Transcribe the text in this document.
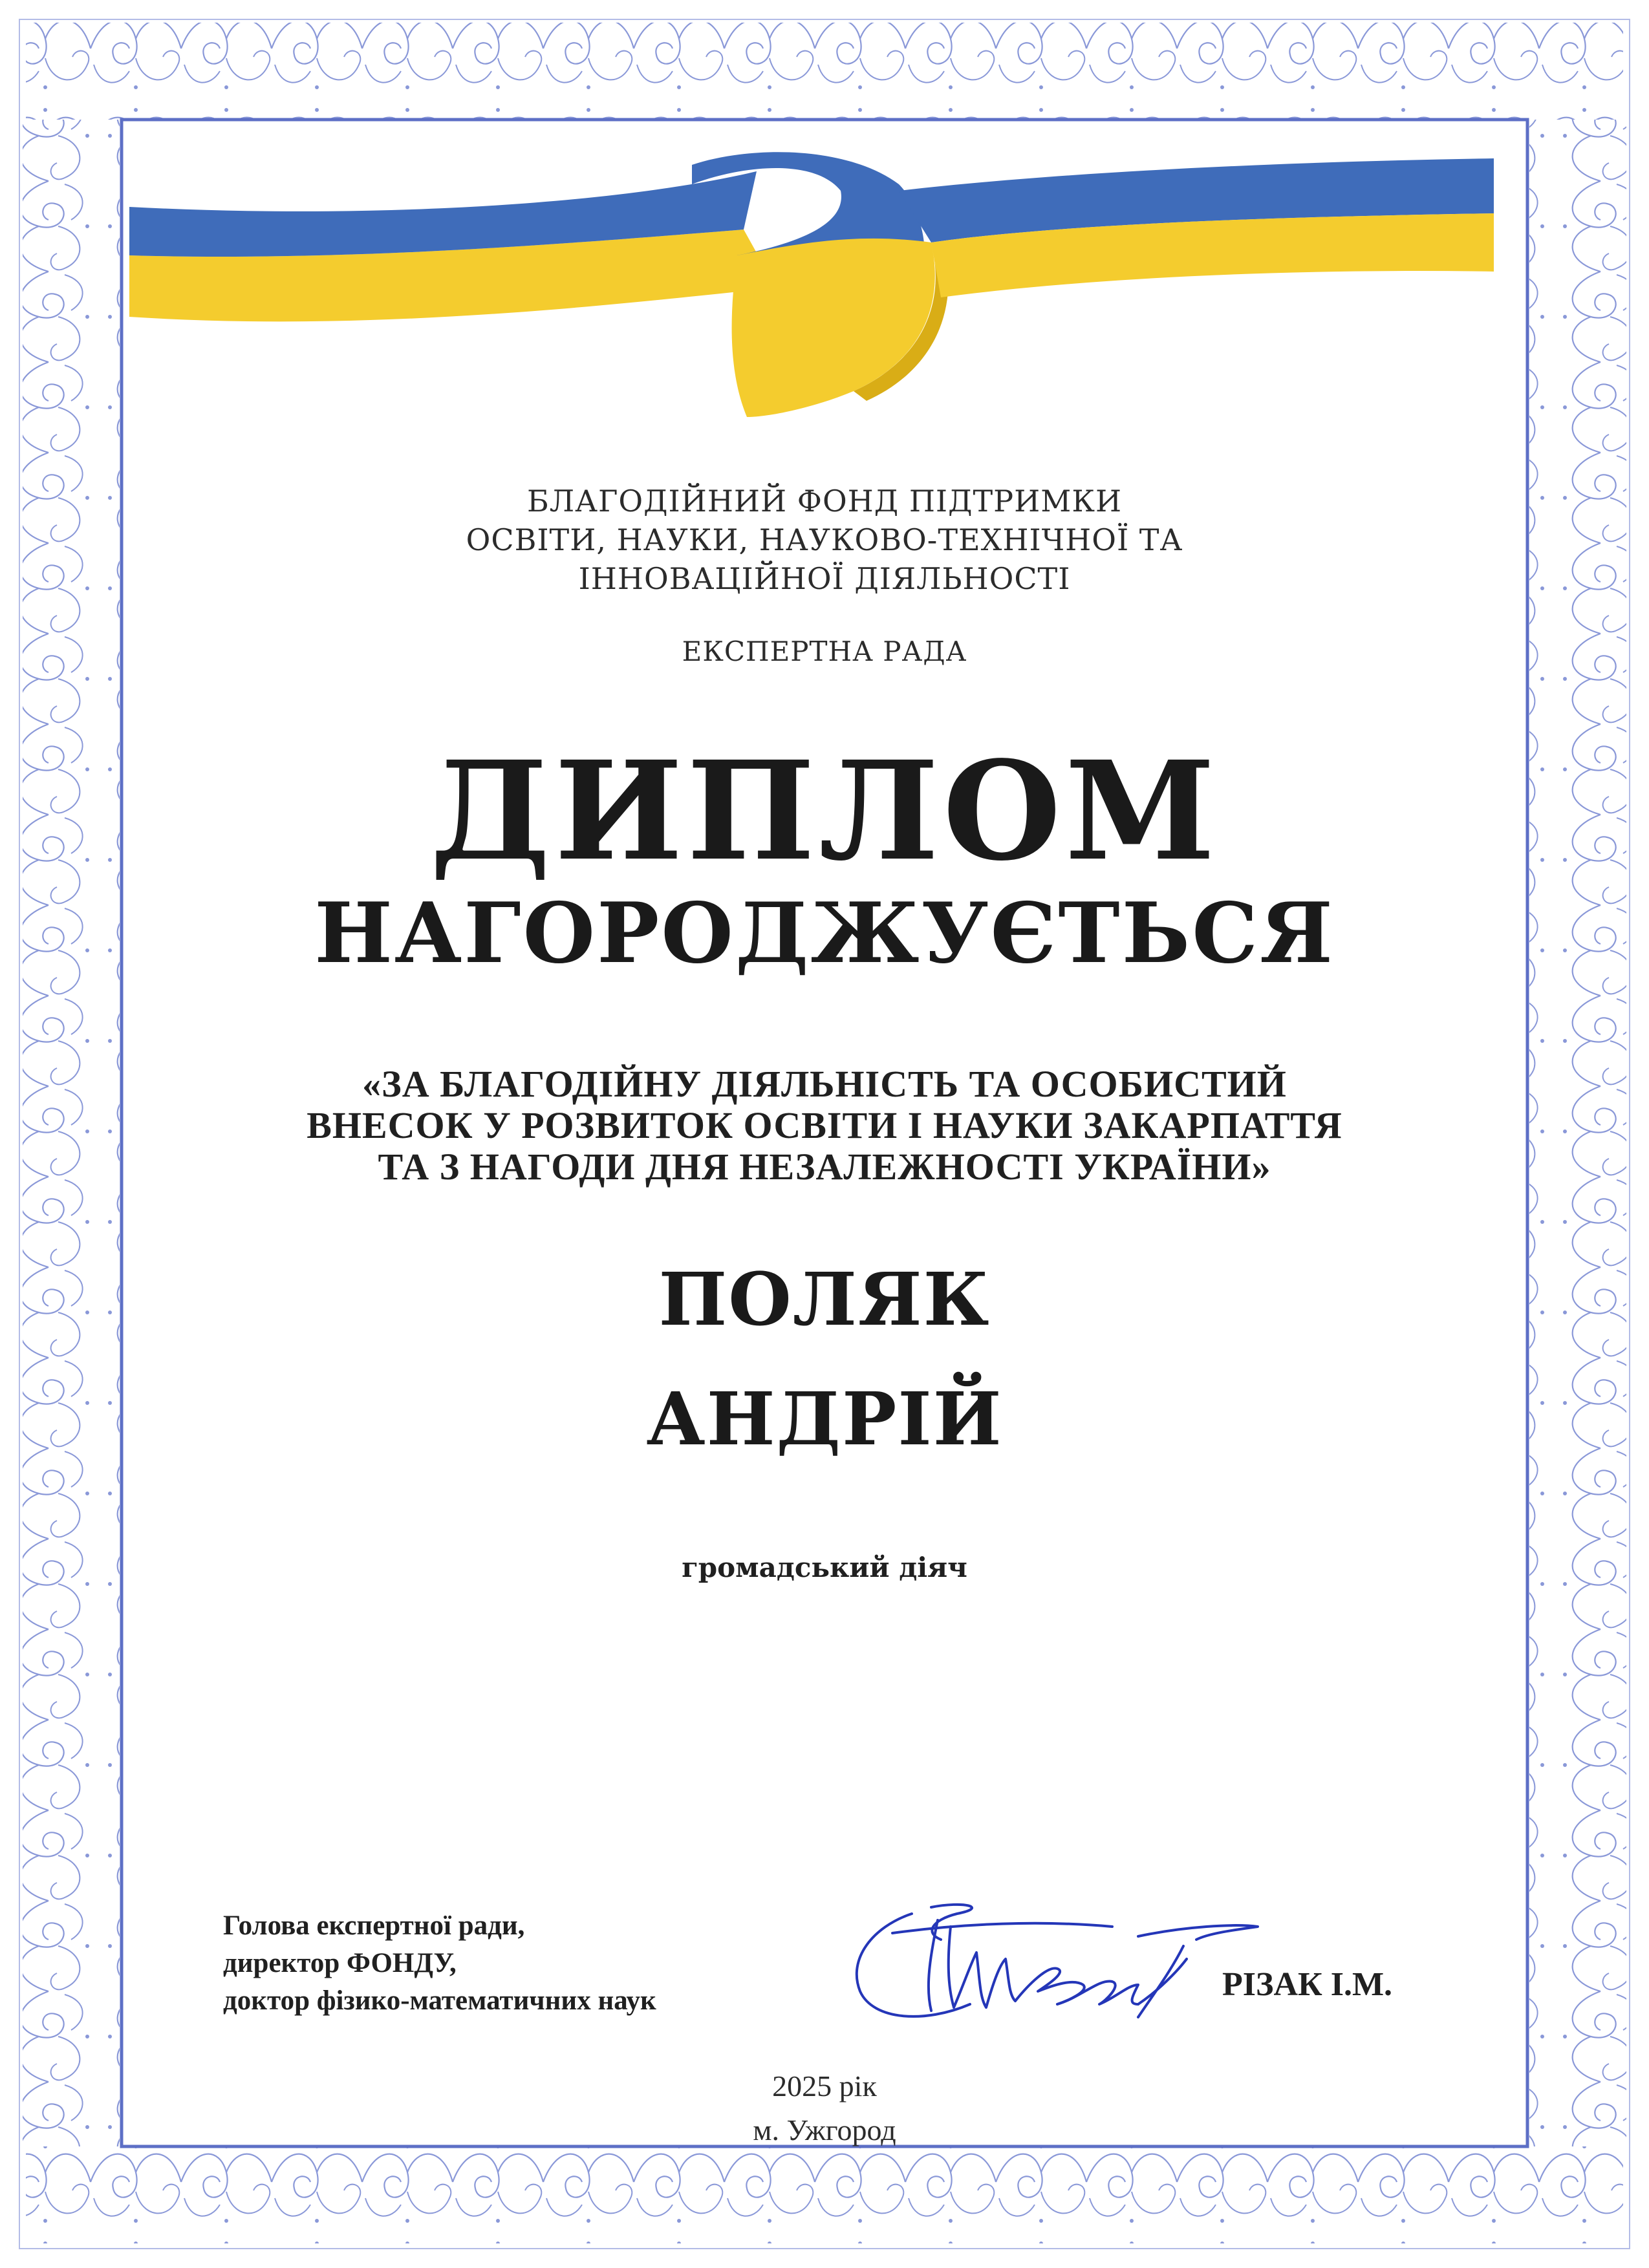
БЛАГОДІЙНИЙ ФОНД ПІДТРИМКИ
ОСВІТИ, НАУКИ, НАУКОВО-ТЕХНІЧНОЇ ТА
ІННОВАЦІЙНОЇ ДІЯЛЬНОСТІ
ЕКСПЕРТНА РАДА
ДИПЛОМ
НАГОРОДЖУЄТЬСЯ
«ЗА БЛАГОДІЙНУ ДІЯЛЬНІСТЬ ТА ОСОБИСТИЙ
ВНЕСОК У РОЗВИТОК ОСВІТИ І НАУКИ ЗАКАРПАТТЯ
ТА З НАГОДИ ДНЯ НЕЗАЛЕЖНОСТІ УКРАЇНИ»
ПОЛЯК
АНДРІЙ
громадський діяч
Голова експертної ради,
директор ФОНДУ,
доктор фізико-математичних наук	РІЗАК І.М.
2025 рік
м. Ужгород
